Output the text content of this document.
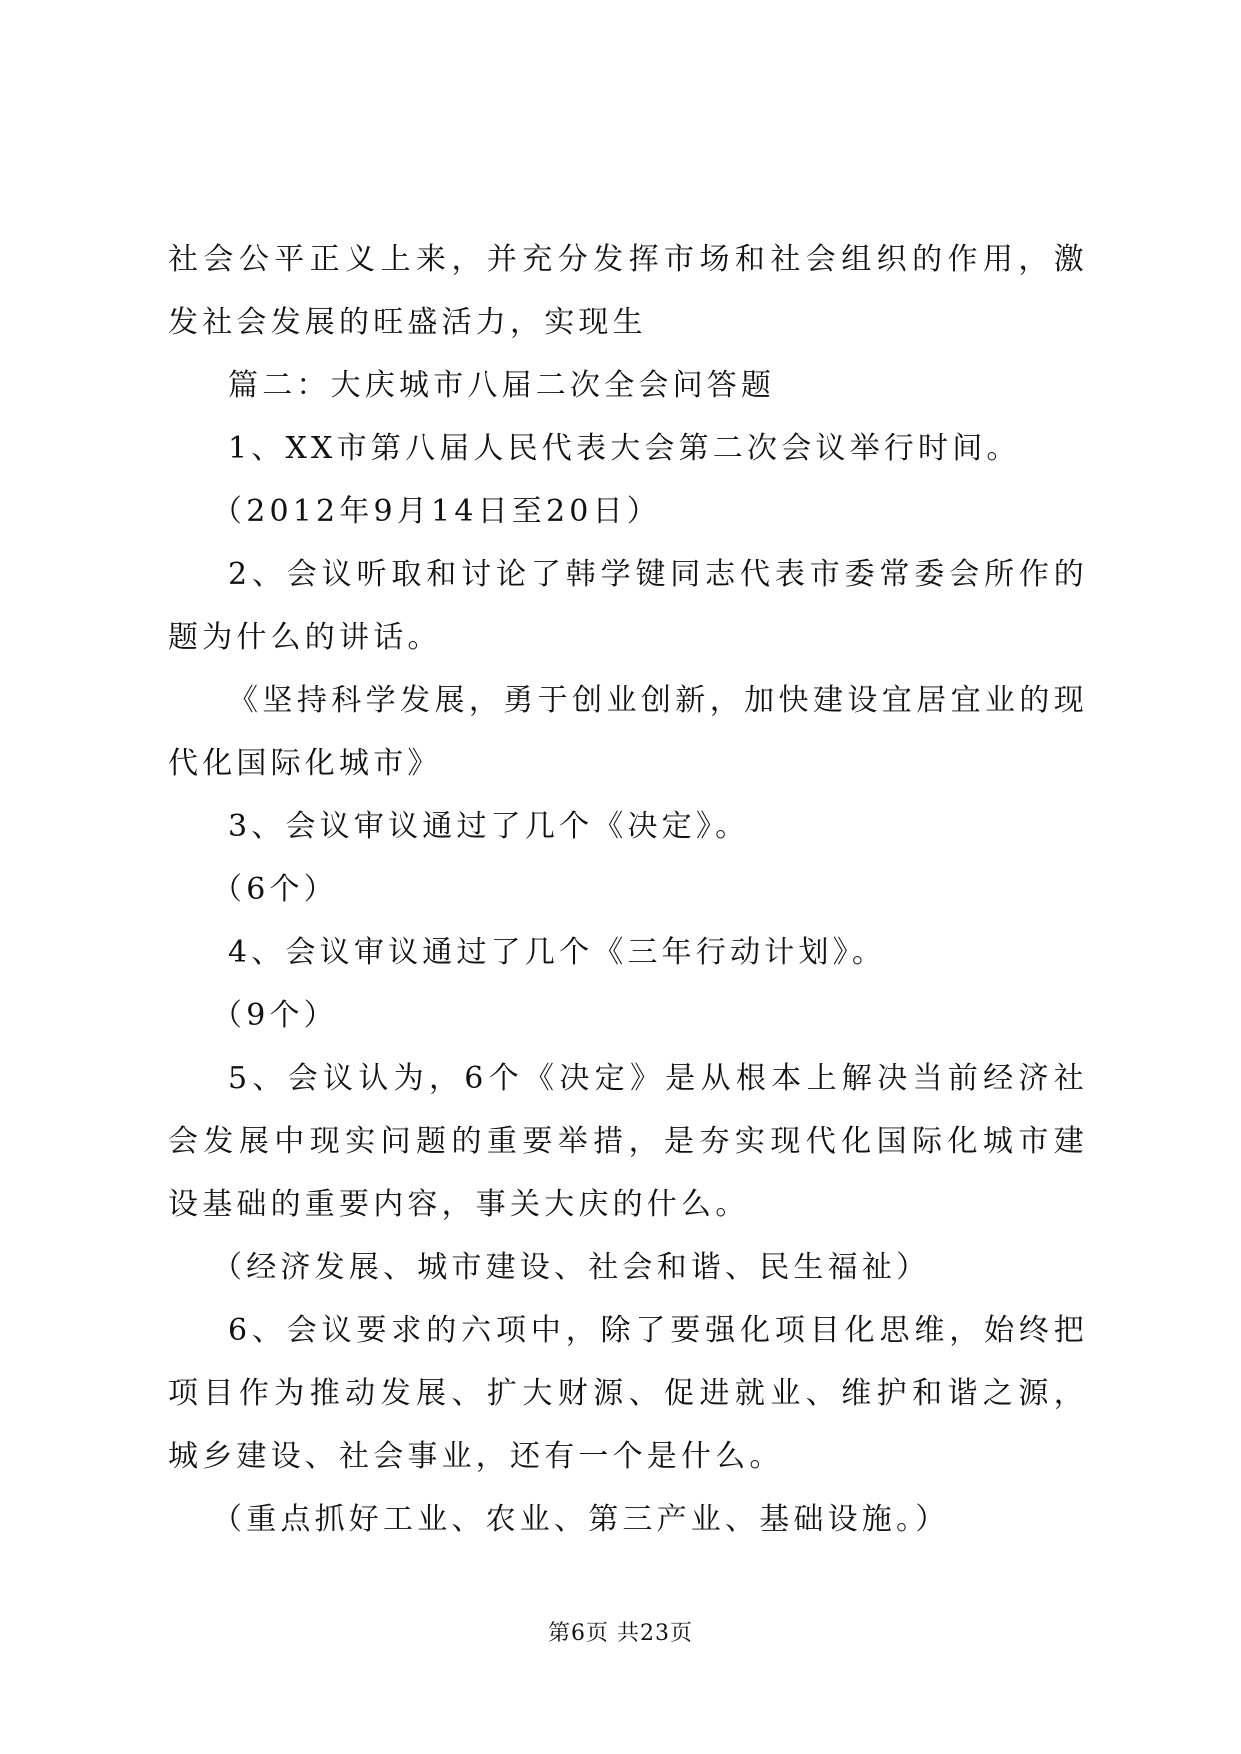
社会公平正义上来，并充分发挥市场和社会组织的作用，激发社会发展的旺盛活力，实现生

篇二：大庆城市八届二次全会问答题

1、XX市第八届人民代表大会第二次会议举行时间。

（2012年9月14日至20日）

2、会议听取和讨论了韩学键同志代表市委常委会所作的题为什么的讲话。

《坚持科学发展，勇于创业创新，加快建设宜居宜业的现代化国际化城市》

3、会议审议通过了几个《决定》。

（6个）

4、会议审议通过了几个《三年行动计划》。

（9个）

5、会议认为，6个《决定》是从根本上解决当前经济社会发展中现实问题的重要举措，是夯实现代化国际化城市建设基础的重要内容，事关大庆的什么。

（经济发展、城市建设、社会和谐、民生福祉）

6、会议要求的六项中，除了要强化项目化思维，始终把项目作为推动发展、扩大财源、促进就业、维护和谐之源，城乡建设、社会事业，还有一个是什么。

（重点抓好工业、农业、第三产业、基础设施。）

第6页 共23页
